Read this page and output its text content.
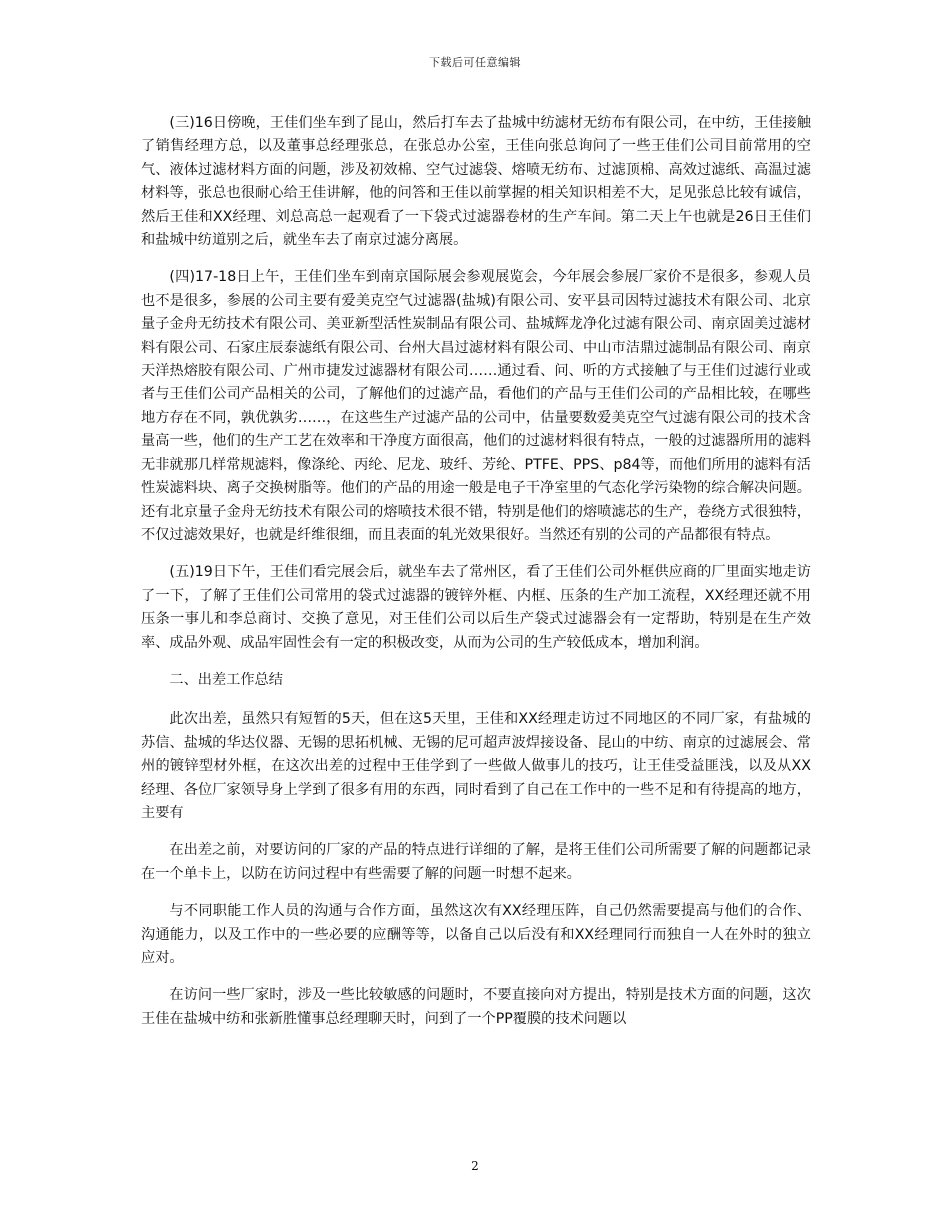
下载后可任意编辑

(三)16日傍晚，王佳们坐车到了昆山，然后打车去了盐城中纺滤材无纺布有限公司，在中纺，王佳接触了销售经理方总，以及董事总经理张总，在张总办公室，王佳向张总询问了一些王佳们公司目前常用的空气、液体过滤材料方面的问题，涉及初效棉、空气过滤袋、熔喷无纺布、过滤顶棉、高效过滤纸、高温过滤材料等，张总也很耐心给王佳讲解，他的问答和王佳以前掌握的相关知识相差不大，足见张总比较有诚信，然后王佳和XX经理、刘总高总一起观看了一下袋式过滤器卷材的生产车间。第二天上午也就是26日王佳们和盐城中纺道别之后，就坐车去了南京过滤分离展。

(四)17-18日上午，王佳们坐车到南京国际展会参观展览会，今年展会参展厂家价不是很多，参观人员也不是很多，参展的公司主要有爱美克空气过滤器(盐城)有限公司、安平县司因特过滤技术有限公司、北京量子金舟无纺技术有限公司、美亚新型活性炭制品有限公司、盐城辉龙净化过滤有限公司、南京固美过滤材料有限公司、石家庄辰泰滤纸有限公司、台州大昌过滤材料有限公司、中山市洁鼎过滤制品有限公司、南京天洋热熔胶有限公司、广州市捷发过滤器材有限公司……通过看、问、听的方式接触了与王佳们过滤行业或者与王佳们公司产品相关的公司，了解他们的过滤产品，看他们的产品与王佳们公司的产品相比较，在哪些地方存在不同，孰优孰劣……，在这些生产过滤产品的公司中，估量要数爱美克空气过滤有限公司的技术含量高一些，他们的生产工艺在效率和干净度方面很高，他们的过滤材料很有特点，一般的过滤器所用的滤料无非就那几样常规滤料，像涤纶、丙纶、尼龙、玻纤、芳纶、PTFE、PPS、p84等，而他们所用的滤料有活性炭滤料块、离子交换树脂等。他们的产品的用途一般是电子干净室里的气态化学污染物的综合解决问题。还有北京量子金舟无纺技术有限公司的熔喷技术很不错，特别是他们的熔喷滤芯的生产，卷绕方式很独特，不仅过滤效果好，也就是纤维很细，而且表面的轧光效果很好。当然还有别的公司的产品都很有特点。

(五)19日下午，王佳们看完展会后，就坐车去了常州区，看了王佳们公司外框供应商的厂里面实地走访了一下，了解了王佳们公司常用的袋式过滤器的镀锌外框、内框、压条的生产加工流程，XX经理还就不用压条一事儿和李总商讨、交换了意见，对王佳们公司以后生产袋式过滤器会有一定帮助，特别是在生产效率、成品外观、成品牢固性会有一定的积极改变，从而为公司的生产较低成本，增加利润。

二、出差工作总结

此次出差，虽然只有短暂的5天，但在这5天里，王佳和XX经理走访过不同地区的不同厂家，有盐城的苏信、盐城的华达仪器、无锡的思拓机械、无锡的尼可超声波焊接设备、昆山的中纺、南京的过滤展会、常州的镀锌型材外框，在这次出差的过程中王佳学到了一些做人做事儿的技巧，让王佳受益匪浅，以及从XX经理、各位厂家领导身上学到了很多有用的东西，同时看到了自己在工作中的一些不足和有待提高的地方，主要有

在出差之前，对要访问的厂家的产品的特点进行详细的了解，是将王佳们公司所需要了解的问题都记录在一个单卡上，以防在访问过程中有些需要了解的问题一时想不起来。

与不同职能工作人员的沟通与合作方面，虽然这次有XX经理压阵，自己仍然需要提高与他们的合作、沟通能力，以及工作中的一些必要的应酬等等，以备自己以后没有和XX经理同行而独自一人在外时的独立应对。

在访问一些厂家时，涉及一些比较敏感的问题时，不要直接向对方提出，特别是技术方面的问题，这次王佳在盐城中纺和张新胜懂事总经理聊天时，问到了一个PP覆膜的技术问题以

2
